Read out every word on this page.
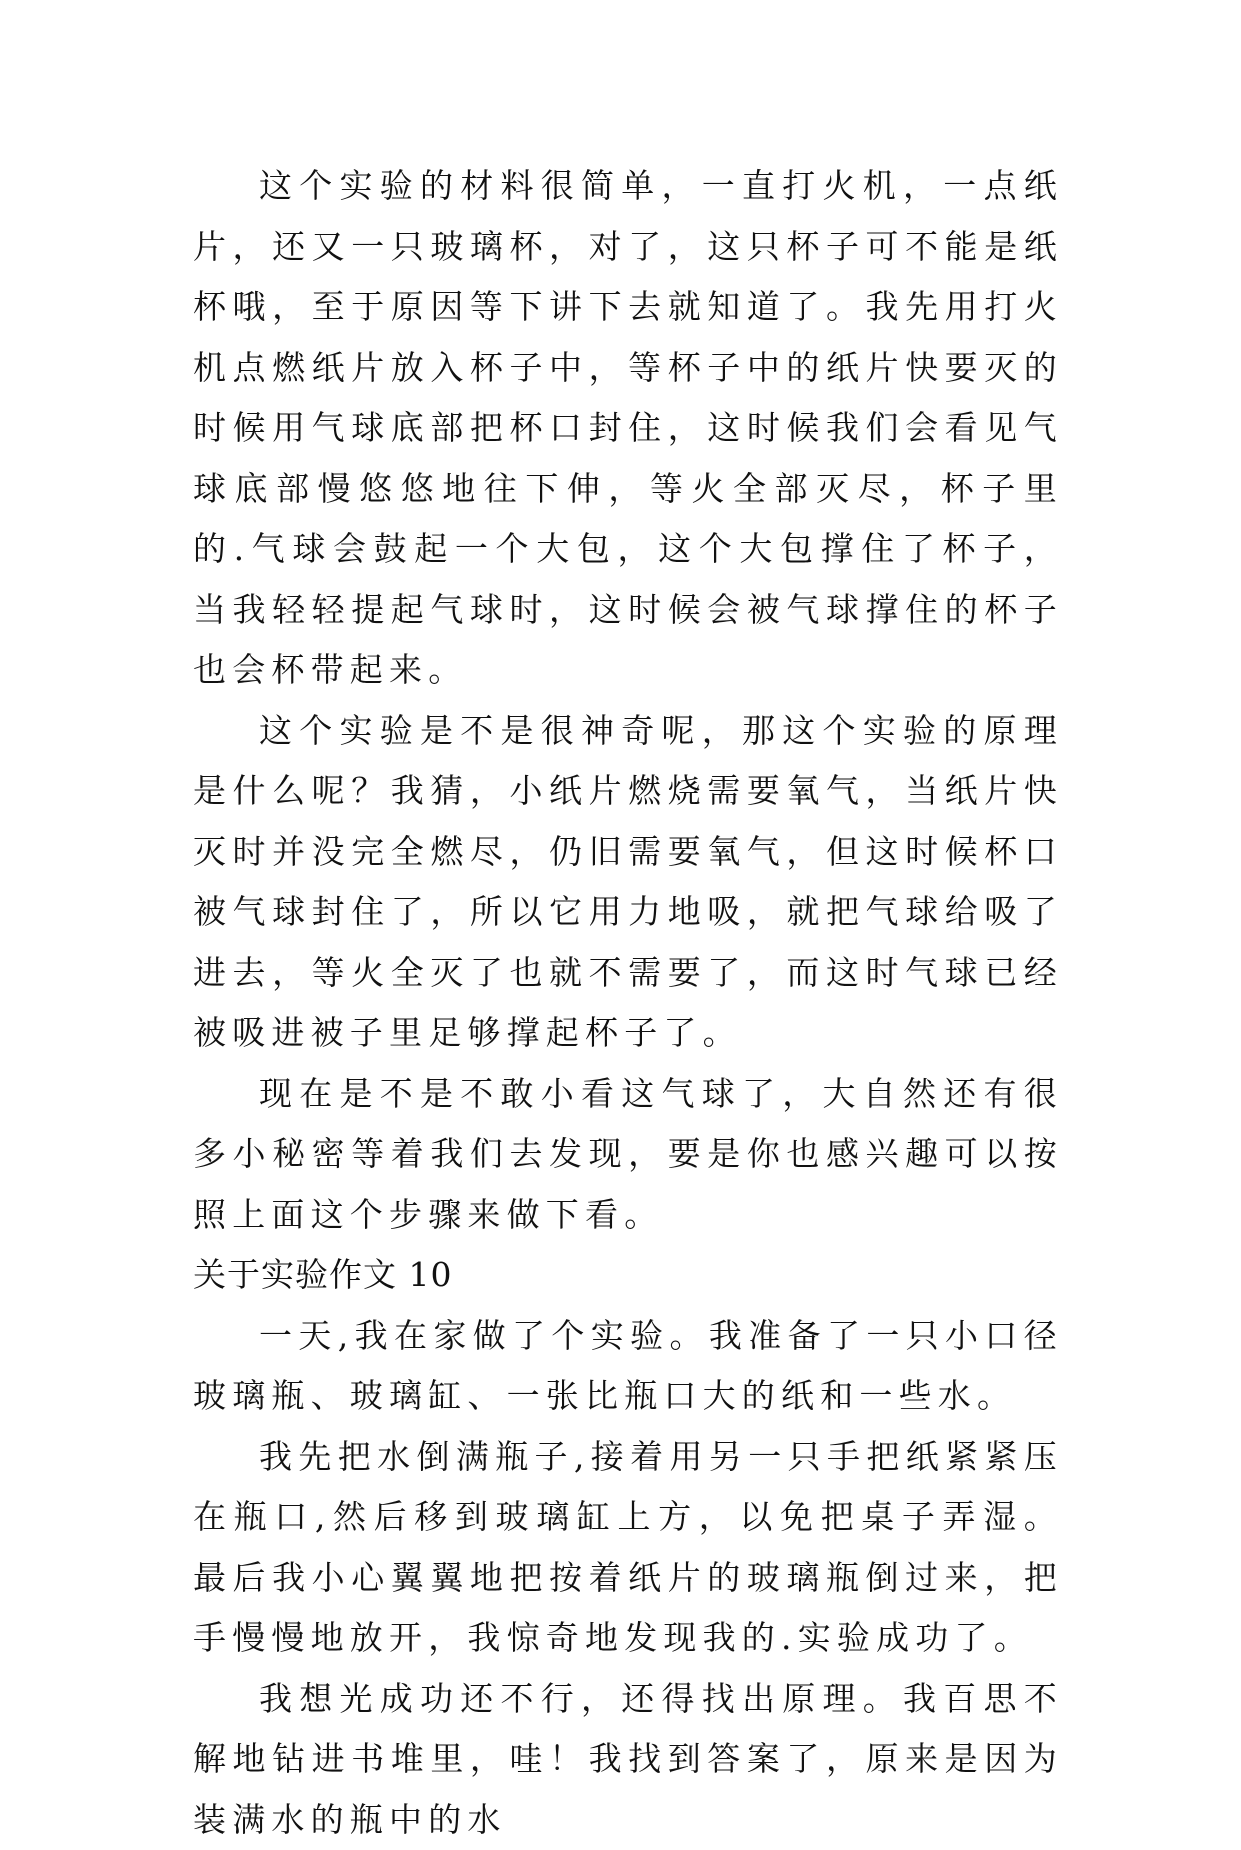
这个实验的材料很简单，一直打火机，一点纸片，还又一只玻璃杯，对了，这只杯子可不能是纸杯哦，至于原因等下讲下去就知道了。我先用打火机点燃纸片放入杯子中，等杯子中的纸片快要灭的时候用气球底部把杯口封住，这时候我们会看见气球底部慢悠悠地往下伸，等火全部灭尽，杯子里的.气球会鼓起一个大包，这个大包撑住了杯子，当我轻轻提起气球时，这时候会被气球撑住的杯子也会杯带起来。

这个实验是不是很神奇呢，那这个实验的原理是什么呢？我猜，小纸片燃烧需要氧气，当纸片快灭时并没完全燃尽，仍旧需要氧气，但这时候杯口被气球封住了，所以它用力地吸，就把气球给吸了进去，等火全灭了也就不需要了，而这时气球已经被吸进被子里足够撑起杯子了。

现在是不是不敢小看这气球了，大自然还有很多小秘密等着我们去发现，要是你也感兴趣可以按照上面这个步骤来做下看。

关于实验作文 10

一天,我在家做了个实验。我准备了一只小口径玻璃瓶、玻璃缸、一张比瓶口大的纸和一些水。

我先把水倒满瓶子,接着用另一只手把纸紧紧压在瓶口,然后移到玻璃缸上方，以免把桌子弄湿。最后我小心翼翼地把按着纸片的玻璃瓶倒过来，把手慢慢地放开，我惊奇地发现我的.实验成功了。

我想光成功还不行，还得找出原理。我百思不解地钻进书堆里，哇！我找到答案了，原来是因为装满水的瓶中的水
